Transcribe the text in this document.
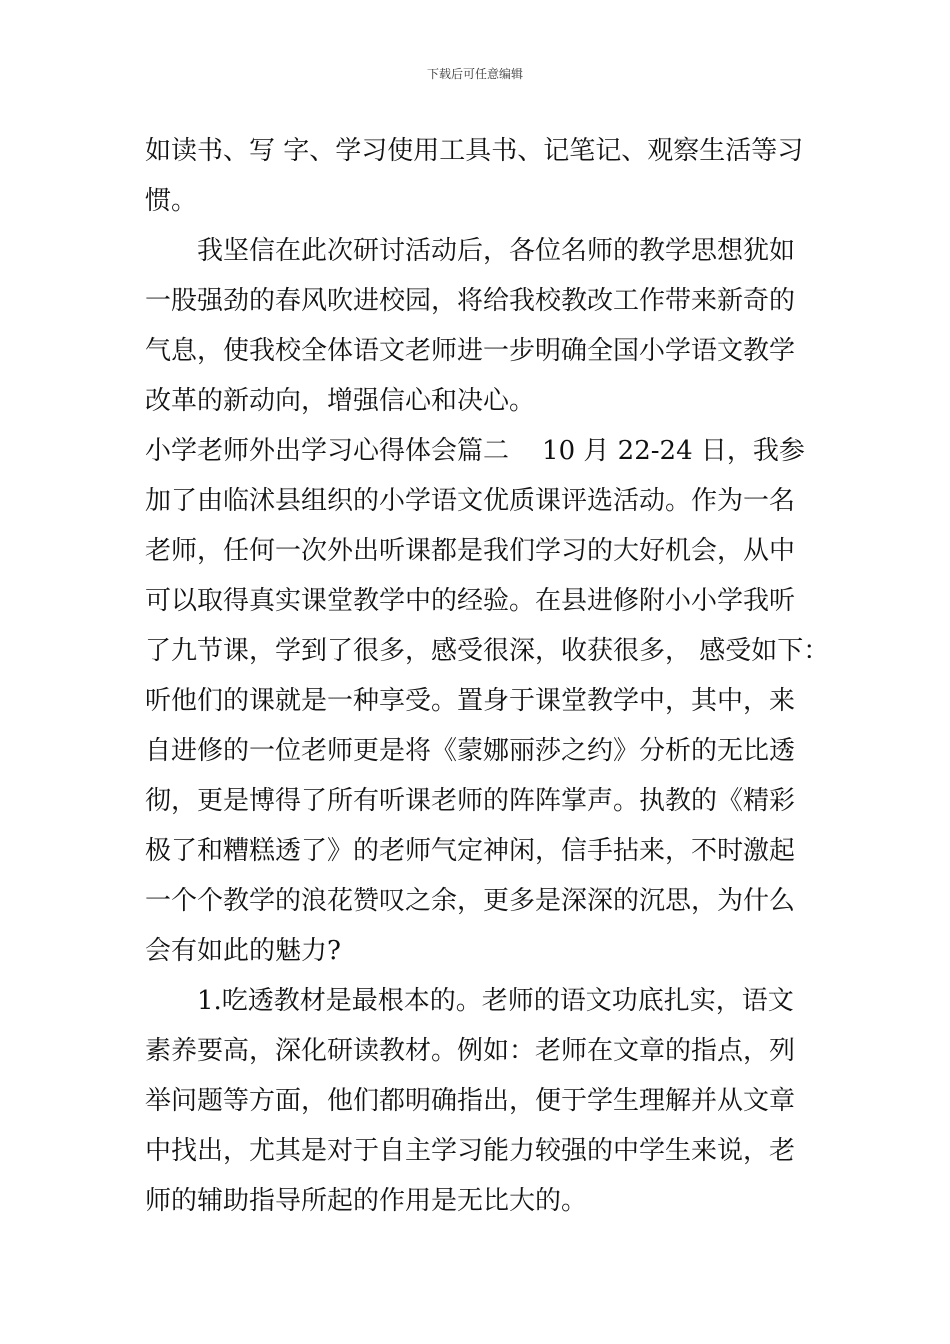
下载后可任意编辑
如读书、写 字、学习使用工具书、记笔记、观察生活等习
惯。
我坚信在此次研讨活动后，各位名师的教学思想犹如
一股强劲的春风吹进校园，将给我校教改工作带来新奇的
气息，使我校全体语文老师进一步明确全国小学语文教学
改革的新动向，增强信心和决心。
小学老师外出学习心得体会篇二    10 月 22-24 日，我参
加了由临沭县组织的小学语文优质课评选活动。作为一名
老师，任何一次外出听课都是我们学习的大好机会，从中
可以取得真实课堂教学中的经验。在县进修附小小学我听
了九节课，学到了很多，感受很深，收获很多， 感受如下：
听他们的课就是一种享受。置身于课堂教学中，其中，来
自进修的一位老师更是将《蒙娜丽莎之约》分析的无比透
彻，更是博得了所有听课老师的阵阵掌声。执教的《精彩
极了和糟糕透了》的老师气定神闲，信手拈来，不时激起
一个个教学的浪花赞叹之余，更多是深深的沉思，为什么
会有如此的魅力?
1.吃透教材是最根本的。老师的语文功底扎实，语文
素养要高，深化研读教材。例如：老师在文章的指点，列
举问题等方面，他们都明确指出，便于学生理解并从文章
中找出，尤其是对于自主学习能力较强的中学生来说，老
师的辅助指导所起的作用是无比大的。
